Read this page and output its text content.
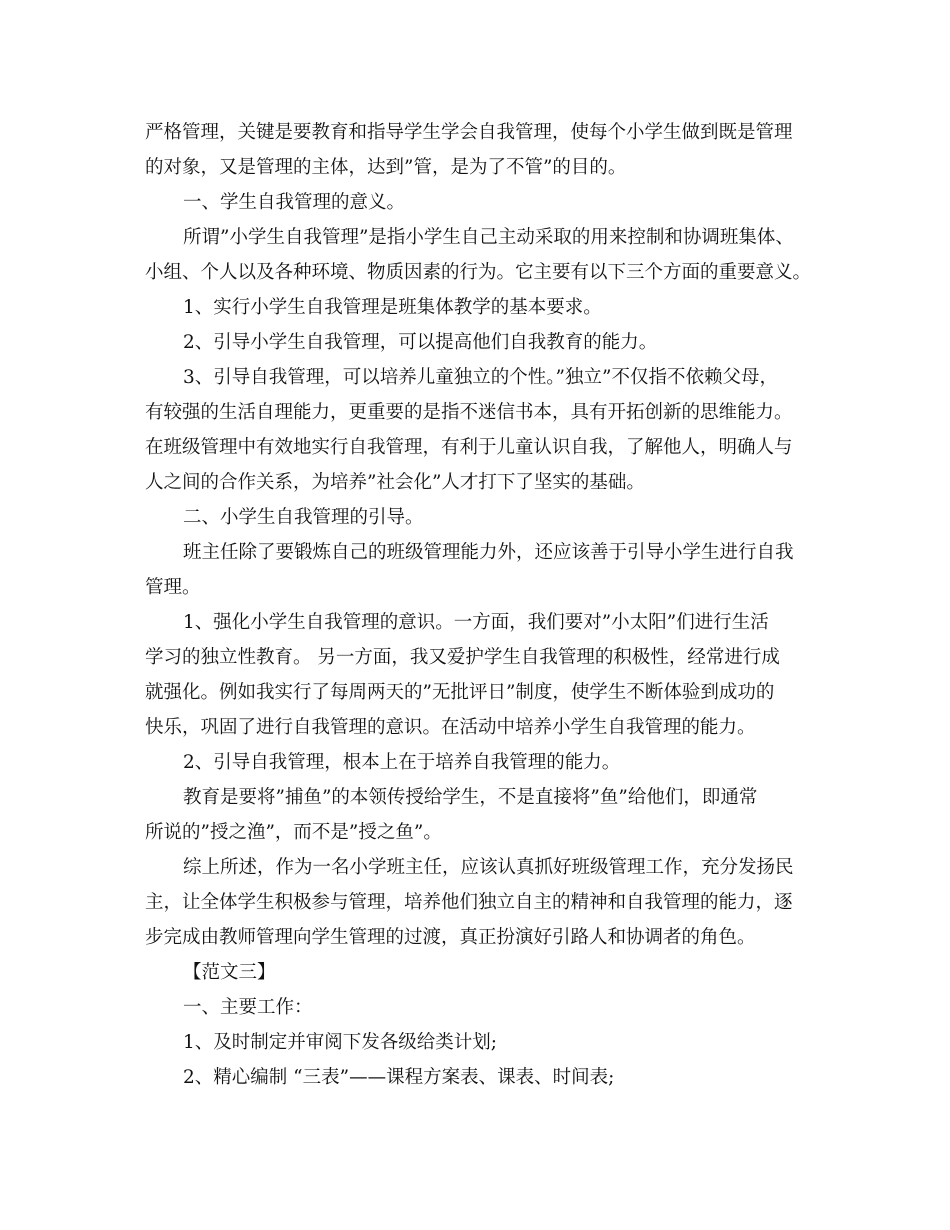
严格管理，关键是要教育和指导学生学会自我管理，使每个小学生做到既是管理
的对象，又是管理的主体，达到”管，是为了不管”的目的。
一、学生自我管理的意义。
所谓”小学生自我管理”是指小学生自己主动采取的用来控制和协调班集体、
小组、个人以及各种环境、物质因素的行为。它主要有以下三个方面的重要意义。
1、实行小学生自我管理是班集体教学的基本要求。
2、引导小学生自我管理，可以提高他们自我教育的能力。
3、引导自我管理，可以培养儿童独立的个性。”独立”不仅指不依赖父母，
有较强的生活自理能力，更重要的是指不迷信书本，具有开拓创新的思维能力。
在班级管理中有效地实行自我管理，有利于儿童认识自我，了解他人，明确人与
人之间的合作关系，为培养”社会化”人才打下了坚实的基础。
二、小学生自我管理的引导。
班主任除了要锻炼自己的班级管理能力外，还应该善于引导小学生进行自我
管理。
1、强化小学生自我管理的意识。一方面，我们要对”小太阳”们进行生活
学习的独立性教育。 另一方面，我又爱护学生自我管理的积极性，经常进行成
就强化。例如我实行了每周两天的”无批评日”制度，使学生不断体验到成功的
快乐，巩固了进行自我管理的意识。在活动中培养小学生自我管理的能力。
2、引导自我管理，根本上在于培养自我管理的能力。
教育是要将”捕鱼”的本领传授给学生，不是直接将”鱼”给他们，即通常
所说的”授之渔”，而不是”授之鱼”。
综上所述，作为一名小学班主任，应该认真抓好班级管理工作，充分发扬民
主，让全体学生积极参与管理，培养他们独立自主的精神和自我管理的能力，逐
步完成由教师管理向学生管理的过渡，真正扮演好引路人和协调者的角色。
【范文三】
一、主要工作：
1、及时制定并审阅下发各级给类计划;
2、精心编制 “三表”——课程方案表、课表、时间表;
